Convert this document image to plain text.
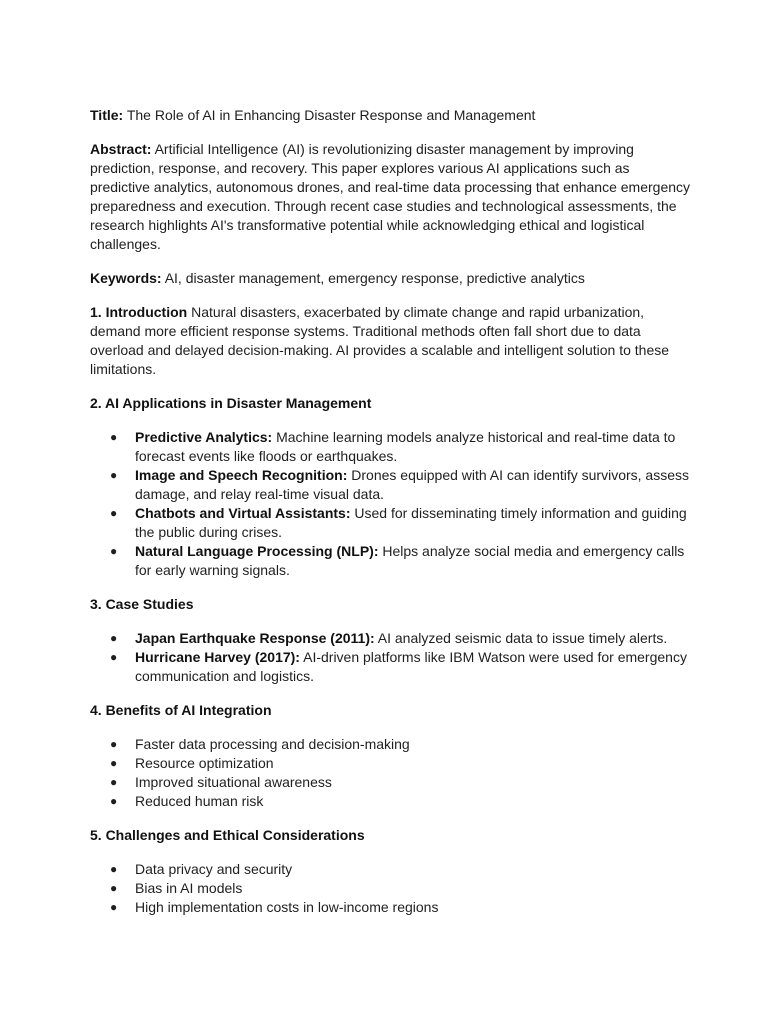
Title: The Role of AI in Enhancing Disaster Response and Management

Abstract: Artificial Intelligence (AI) is revolutionizing disaster management by improving prediction, response, and recovery. This paper explores various AI applications such as predictive analytics, autonomous drones, and real-time data processing that enhance emergency preparedness and execution. Through recent case studies and technological assessments, the research highlights AI's transformative potential while acknowledging ethical and logistical challenges.

Keywords: AI, disaster management, emergency response, predictive analytics

1. Introduction Natural disasters, exacerbated by climate change and rapid urbanization, demand more efficient response systems. Traditional methods often fall short due to data overload and delayed decision-making. AI provides a scalable and intelligent solution to these limitations.

2. AI Applications in Disaster Management

● Predictive Analytics: Machine learning models analyze historical and real-time data to forecast events like floods or earthquakes.
● Image and Speech Recognition: Drones equipped with AI can identify survivors, assess damage, and relay real-time visual data.
● Chatbots and Virtual Assistants: Used for disseminating timely information and guiding the public during crises.
● Natural Language Processing (NLP): Helps analyze social media and emergency calls for early warning signals.

3. Case Studies

● Japan Earthquake Response (2011): AI analyzed seismic data to issue timely alerts.
● Hurricane Harvey (2017): AI-driven platforms like IBM Watson were used for emergency communication and logistics.

4. Benefits of AI Integration

● Faster data processing and decision-making
● Resource optimization
● Improved situational awareness
● Reduced human risk

5. Challenges and Ethical Considerations

● Data privacy and security
● Bias in AI models
● High implementation costs in low-income regions
